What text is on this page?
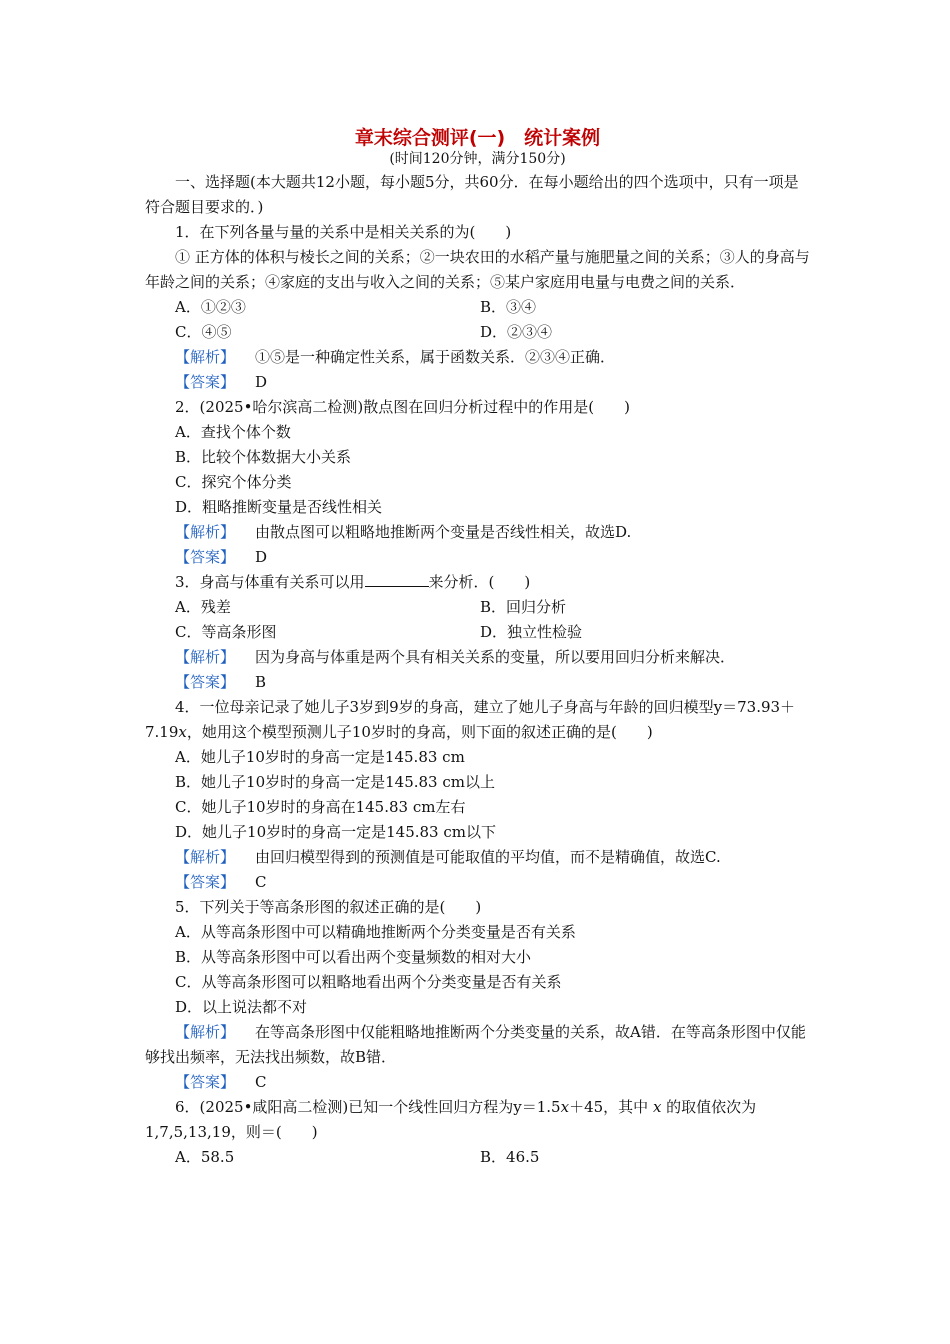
章末综合测评(一)　统计案例
(时间120分钟，满分150分)

一、选择题(本大题共12小题，每小题5分，共60分．在每小题给出的四个选项中，只有一项是符合题目要求的．)

1．在下列各量与量的关系中是相关关系的为(　　)

① 正方体的体积与棱长之间的关系；②一块农田的水稻产量与施肥量之间的关系；③人的身高与年龄之间的关系；④家庭的支出与收入之间的关系；⑤某户家庭用电量与电费之间的关系．

A．①②③	B．③④
C．④⑤	D．②③④

【解析】 ①⑤是一种确定性关系，属于函数关系．②③④正确．

【答案】 D

2．(2025•哈尔滨高二检测)散点图在回归分析过程中的作用是(　　)

A．查找个体个数
B．比较个体数据大小关系
C．探究个体分类
D．粗略推断变量是否线性相关

【解析】 由散点图可以粗略地推断两个变量是否线性相关，故选D.

【答案】 D

3．身高与体重有关系可以用	来分析．(　　)

A．残差	B．回归分析
C．等高条形图	D．独立性检验

【解析】 因为身高与体重是两个具有相关关系的变量，所以要用回归分析来解决．

【答案】 B

4．一位母亲记录了她儿子3岁到9岁的身高，建立了她儿子身高与年龄的回归模型y＝73.93＋7.19x，她用这个模型预测儿子10岁时的身高，则下面的叙述正确的是(　　)

A．她儿子10岁时的身高一定是145.83 cm
B．她儿子10岁时的身高一定是145.83 cm以上
C．她儿子10岁时的身高在145.83 cm左右
D．她儿子10岁时的身高一定是145.83 cm以下

【解析】 由回归模型得到的预测值是可能取值的平均值，而不是精确值，故选C.

【答案】 C

5．下列关于等高条形图的叙述正确的是(　　)

A．从等高条形图中可以精确地推断两个分类变量是否有关系
B．从等高条形图中可以看出两个变量频数的相对大小
C．从等高条形图可以粗略地看出两个分类变量是否有关系
D．以上说法都不对

【解析】 在等高条形图中仅能粗略地推断两个分类变量的关系，故A错．在等高条形图中仅能够找出频率，无法找出频数，故B错．

【答案】 C

6．(2025•咸阳高二检测)已知一个线性回归方程为y＝1.5x＋45，其中 x 的取值依次为1,7,5,13,19，则＝(　　)

A．58.5	B．46.5
